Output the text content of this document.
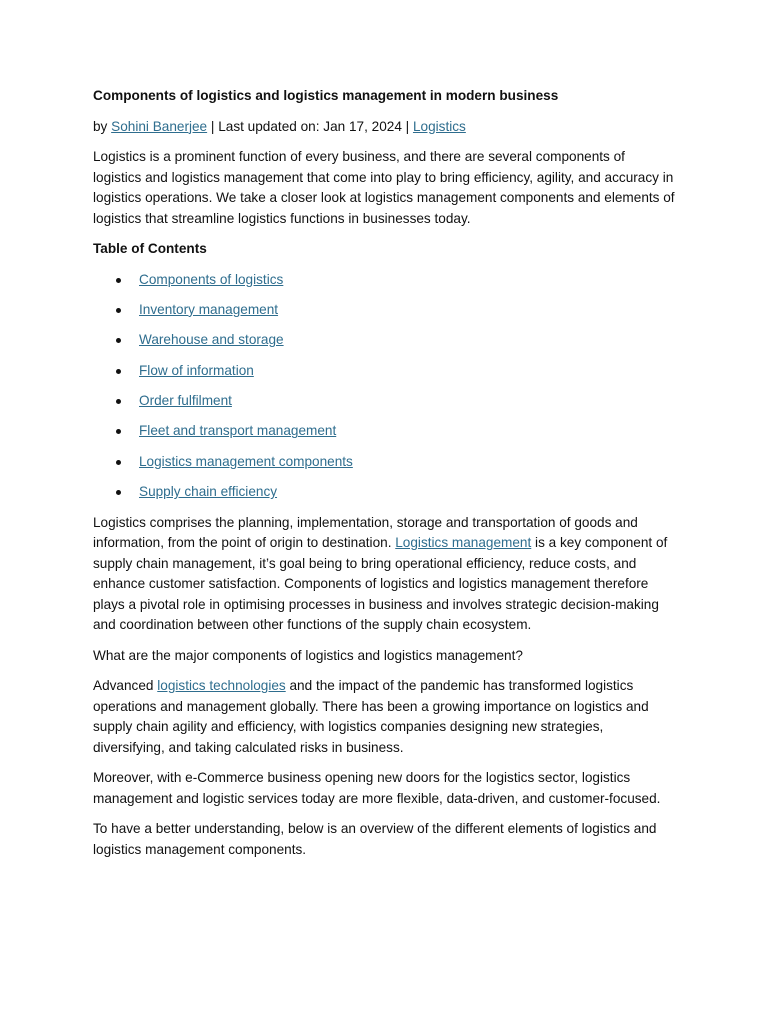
Components of logistics and logistics management in modern business
by Sohini Banerjee | Last updated on: Jan 17, 2024 | Logistics

Logistics is a prominent function of every business, and there are several components of logistics and logistics management that come into play to bring efficiency, agility, and accuracy in logistics operations. We take a closer look at logistics management components and elements of logistics that streamline logistics functions in businesses today.

Table of Contents
Components of logistics
Inventory management
Warehouse and storage
Flow of information
Order fulfilment
Fleet and transport management
Logistics management components
Supply chain efficiency

Logistics comprises the planning, implementation, storage and transportation of goods and information, from the point of origin to destination. Logistics management is a key component of supply chain management, it’s goal being to bring operational efficiency, reduce costs, and enhance customer satisfaction. Components of logistics and logistics management therefore plays a pivotal role in optimising processes in business and involves strategic decision-making and coordination between other functions of the supply chain ecosystem.

What are the major components of logistics and logistics management?

Advanced logistics technologies and the impact of the pandemic has transformed logistics operations and management globally. There has been a growing importance on logistics and supply chain agility and efficiency, with logistics companies designing new strategies, diversifying, and taking calculated risks in business.

Moreover, with e-Commerce business opening new doors for the logistics sector, logistics management and logistic services today are more flexible, data-driven, and customer-focused.

To have a better understanding, below is an overview of the different elements of logistics and logistics management components.
